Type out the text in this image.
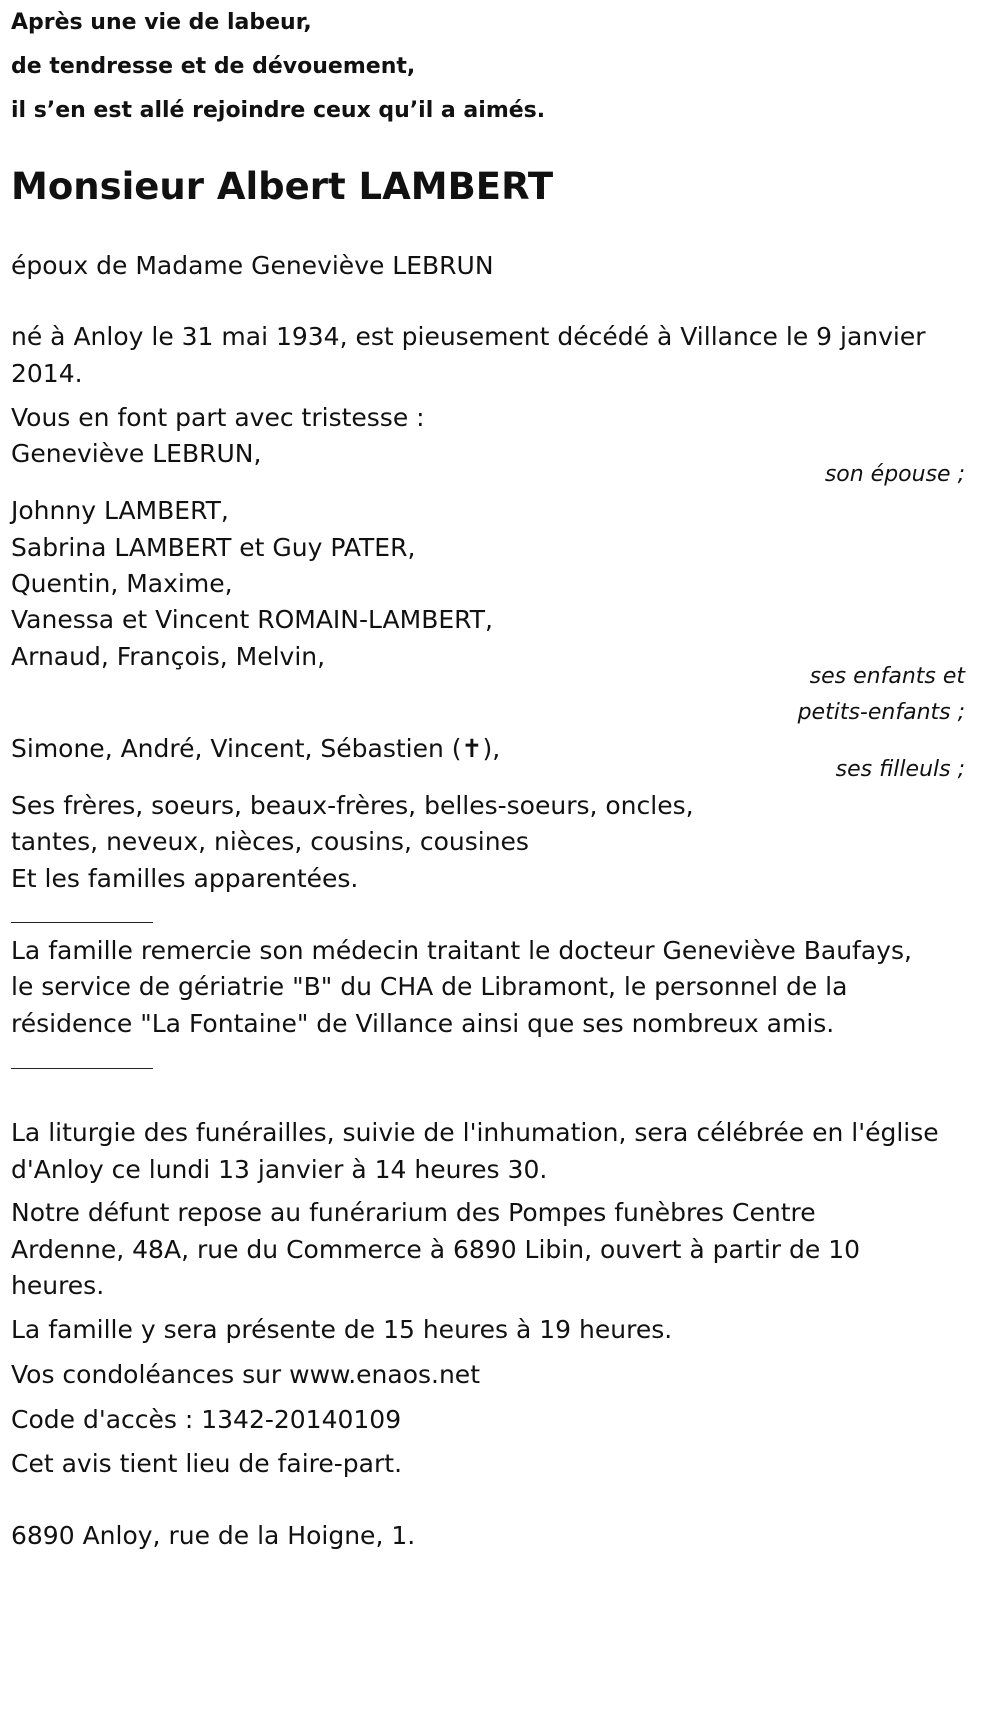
Après une vie de labeur,
de tendresse et de dévouement,
il s’en est allé rejoindre ceux qu’il a aimés.
Monsieur Albert LAMBERT
époux de Madame Geneviève LEBRUN
né à Anloy le 31 mai 1934, est pieusement décédé à Villance le 9 janvier
2014.
Vous en font part avec tristesse :
Geneviève LEBRUN,
son épouse ;
Johnny LAMBERT,
Sabrina LAMBERT et Guy PATER,
Quentin, Maxime,
Vanessa et Vincent ROMAIN-LAMBERT,
Arnaud, François, Melvin,
ses enfants et
petits-enfants ;
Simone, André, Vincent, Sébastien (✝),
ses filleuls ;
Ses frères, soeurs, beaux-frères, belles-soeurs, oncles,
tantes, neveux, nièces, cousins, cousines
Et les familles apparentées.
La famille remercie son médecin traitant le docteur Geneviève Baufays,
le service de gériatrie "B" du CHA de Libramont, le personnel de la
résidence "La Fontaine" de Villance ainsi que ses nombreux amis.
La liturgie des funérailles, suivie de l'inhumation, sera célébrée en l'église
d'Anloy ce lundi 13 janvier à 14 heures 30.
Notre défunt repose au funérarium des Pompes funèbres Centre
Ardenne, 48A, rue du Commerce à 6890 Libin, ouvert à partir de 10
heures.
La famille y sera présente de 15 heures à 19 heures.
Vos condoléances sur www.enaos.net
Code d'accès : 1342-20140109
Cet avis tient lieu de faire-part.
6890 Anloy, rue de la Hoigne, 1.
